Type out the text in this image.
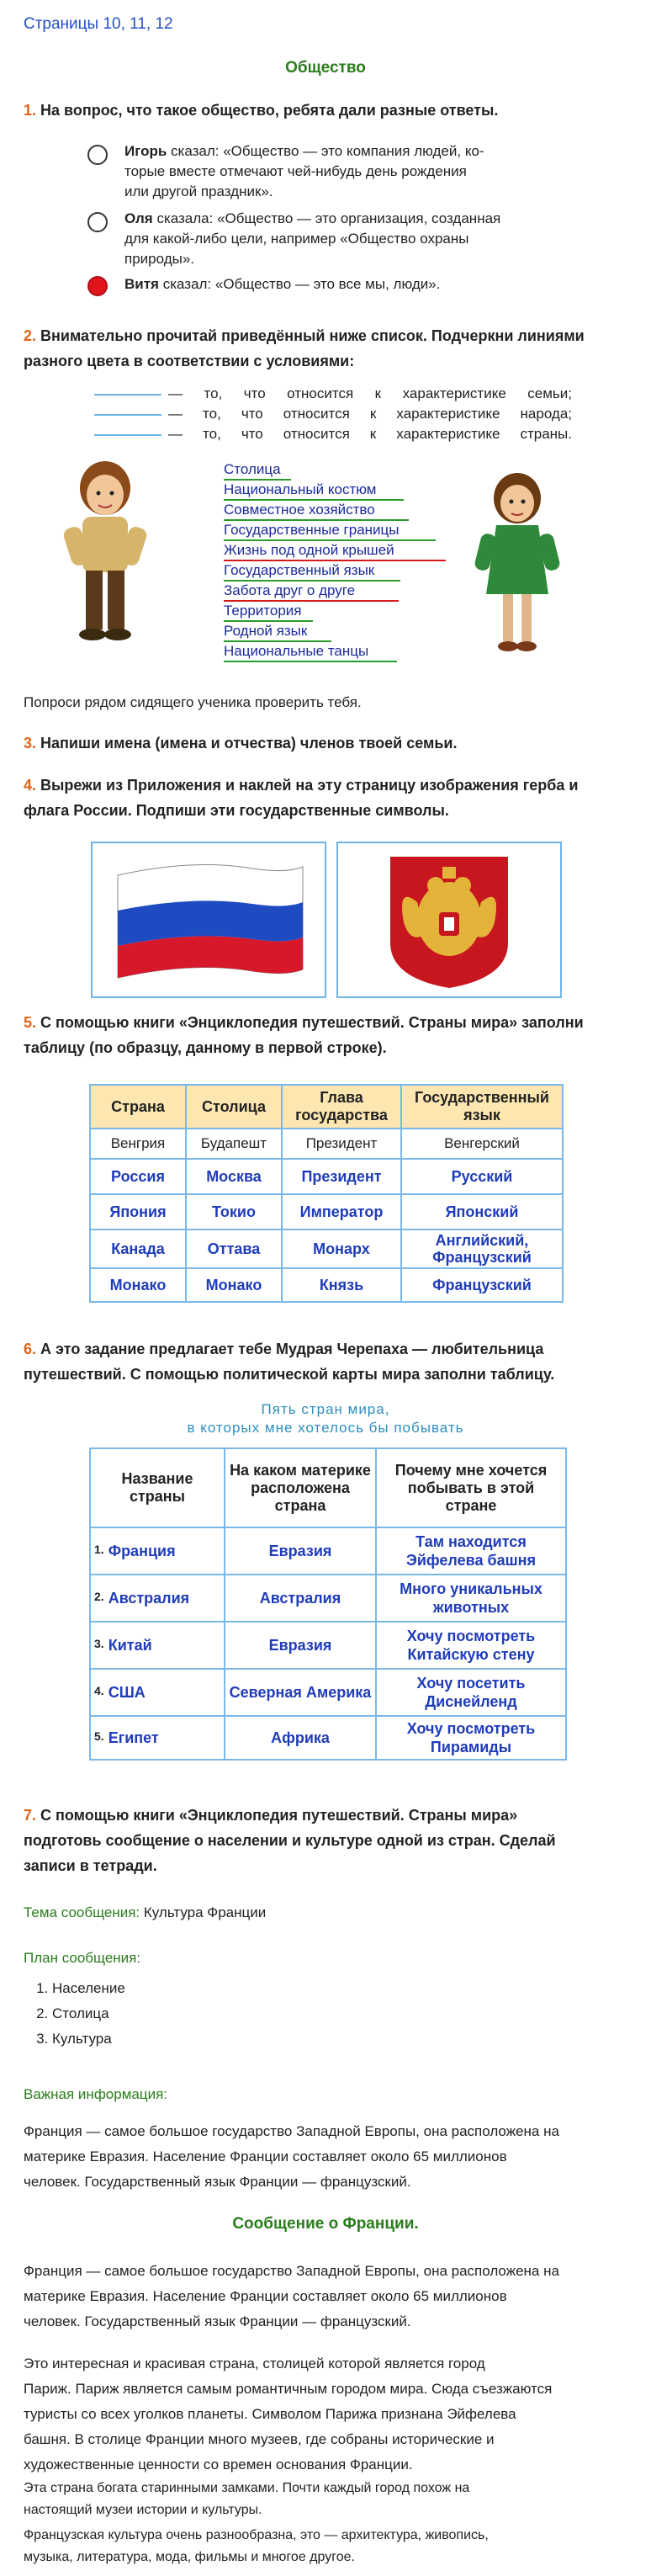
Страницы 10, 11, 12
Общество
1. На вопрос, что такое общество, ребята дали разные ответы.
Игорь сказал: «Общество — это компания людей, ко-
торые вместе отмечают чей-нибудь день рождения
или другой праздник».
Оля сказала: «Общество — это организация, созданная
для какой-либо цели, например «Общество охраны
природы».
Витя сказал: «Общество — это все мы, люди».
2. Внимательно прочитай приведённый ниже список. Подчеркни линиями
разного цвета в соответствии с условиями:
— то, что относится к характеристике семьи;
— то, что относится к характеристике народа;
— то, что относится к характеристике страны.
Столица
Национальный костюм
Совместное хозяйство
Государственные границы
Жизнь под одной крышей
Государственный язык
Забота друг о друге
Территория
Родной язык
Национальные танцы
Попроси рядом сидящего ученика проверить тебя.
3. Напиши имена (имена и отчества) членов твоей семьи.
4. Вырежи из Приложения и наклей на эту страницу изображения герба и
флага России. Подпиши эти государственные символы.
5. С помощью книги «Энциклопедия путешествий. Страны мира» заполни
таблицу (по образцу, данному в первой строке).
Страна	Столица	Глава государства	Государственный язык
Венгрия	Будапешт	Президент	Венгерский
Россия	Москва	Президент	Русский
Япония	Токио	Император	Японский
Канада	Оттава	Монарх	Английский, Французский
Монако	Монако	Князь	Французский
6. А это задание предлагает тебе Мудрая Черепаха — любительница
путешествий. С помощью политической карты мира заполни таблицу.
Пять стран мира,
в которых мне хотелось бы побывать
Название страны	На каком материке расположена страна	Почему мне хочется побывать в этой стране
$^{1.}$ Франция	Евразия	Там находится Эйфелева башня
$^{2.}$ Австралия	Австралия	Много уникальных животных
$^{3.}$ Китай	Евразия	Хочу посмотреть Китайскую стену
$^{4.}$ США	Северная Америка	Хочу посетить Диснейленд
$^{5.}$ Египет	Африка	Хочу посмотреть Пирамиды
7. С помощью книги «Энциклопедия путешествий. Страны мира»
подготовь сообщение о населении и культуре одной из стран. Сделай
записи в тетради.
Тема сообщения: Культура Франции
План сообщения:
1. Население
2. Столица
3. Культура
Важная информация:
Франция — самое большое государство Западной Европы, она расположена на
материке Евразия. Население Франции составляет около 65 миллионов
человек. Государственный язык Франции — французский.
Сообщение о Франции.
Франция — самое большое государство Западной Европы, она расположена на
материке Евразия. Население Франции составляет около 65 миллионов
человек. Государственный язык Франции — французский.
Это интересная и красивая страна, столицей которой является город
Париж. Париж является самым романтичным городом мира. Сюда съезжаются
туристы со всех уголков планеты. Символом Парижа признана Эйфелева
башня. В столице Франции много музеев, где собраны исторические и
художественные ценности со времен основания Франции.
Эта страна богата старинными замками. Почти каждый город похож на
настоящий музеи истории и культуры.
Французская культура очень разнообразна, это — архитектура, живопись,
музыка, литература, мода, фильмы и многое другое.
